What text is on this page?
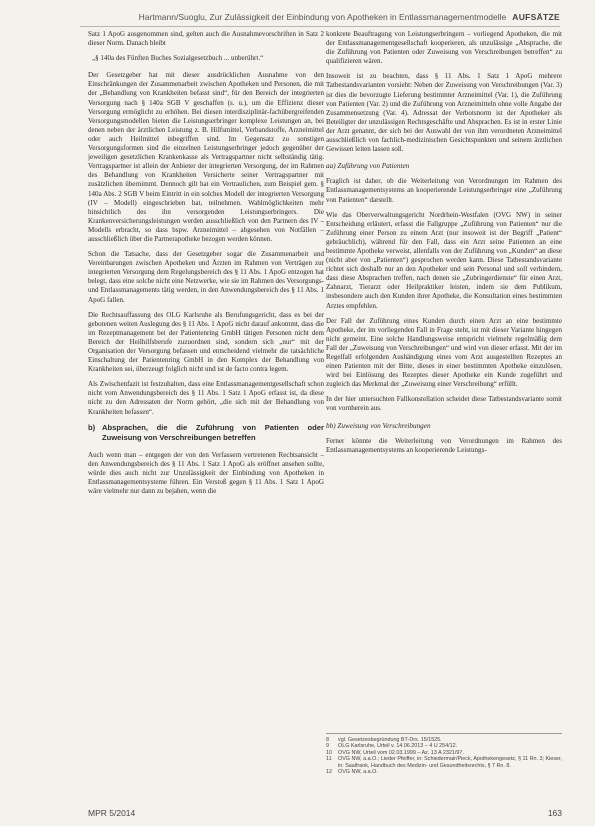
Hartmann/Suoglu, Zur Zulässigkeit der Einbindung von Apotheken in Entlassmanagementmodelle AUFSÄTZE

Satz 1 ApoG ausgenommen sind, gelten auch die Ausnahmevorschriften in Satz 2 dieser Norm. Danach bleibt

„§ 140a des Fünften Buches Sozialgesetzbuch ... unberührt.“

Der Gesetzgeber hat mit dieser ausdrücklichen Ausnahme von den Einschränkungen der Zusammenarbeit zwischen Apotheken und Personen, die mit der „Behandlung von Krankheiten befasst sind“, für den Bereich der integrierten Versorgung nach § 140a SGB V geschaffen (s. u.), um die Effizienz dieser Versorgung ermöglicht zu erhöhen. Bei diesen interdisziplinär-fachübergreifenden Versorgungsmodellen bieten die Leistungserbringer komplexe Leistungen an, bei denen neben der ärztlichen Leistung z. B. Hilfsmittel, Verbandstoffe, Arzneimittel oder auch Heilmittel inbegriffen sind. Im Gegensatz zu sonstigen Versorgungsformen sind die einzelnen Leistungserbringer jedoch gegenüber der jeweiligen gesetzlichen Krankenkasse als Vertragspartner nicht selbständig tätig. Vertragspartner ist allein der Anbieter der integrierten Versorgung, der im Rahmen des Behandlung von Krankheiten Versicherte seiner Vertragspartner mit zusätzlichen übernimmt. Dennoch gilt hat ein Vertraulichen, zum Beispiel gem. § 140a Abs. 2 SGB V beim Eintritt in ein solches Modell der integrierten Versorgung (IV – Modell) eingeschrieben hat, teilnehmen. Wahlmöglichkeiten mehr hinsichtlich des ihn versorgenden Leistungserbringers. Die Krankenversicherungsleistungen werden ausschließlich von den Partnern des IV – Modells erbracht, so dass bspw. Arzneimittel – abgesehen von Notfällen – ausschließlich über die Partnerapotheke bezogen werden können.

Schon die Tatsache, dass der Gesetzgeber sogar die Zusammenarbeit und Vereinbarungen zwischen Apotheken und Ärzten im Rahmen von Verträgen zur integrierten Versorgung dem Regelungsbereich des § 11 Abs. 1 ApoG entzogen hat belegt, dass eine solche nicht eine Netzwerke, wie sie im Rahmen des Versorgungs- und Entlassmanagements tätig werden, in den Anwendungsbereich des § 11 Abs. 1 ApoG fallen.

Die Rechtsauffassung des OLG Karlsruhe als Berufungsgericht, dass es bei der gebotenen weiten Auslegung des § 11 Abs. 1 ApoG nicht darauf ankommt, dass die im Rezeptmanagement bei der Patientenring GmbH tätigen Personen nicht dem Bereich der Heilhilfsberufe zuzuordnen sind, sondern sich „nur“ mit der Organisation der Versorgung befassen und entscheidend vielmehr die tatsächliche Einschaltung der Patientenring GmbH in den Komplex der Behandlung von Krankheiten sei, überzeugt folglich nicht und ist de facto contra legem.

Als Zwischenfazit ist festzuhalten, dass eine Entlassmanagementgesellschaft schon nicht vom Anwendungsbereich des § 11 Abs. 1 Satz 1 ApoG erfasst ist, da diese nicht zu den Adressaten der Norm gehört, „die sich mit der Behandlung von Krankheiten befassen“.

b) Absprachen, die die Zuführung von Patienten oder Zuweisung von Verschreibungen betreffen

Auch wenn man – entgegen der von den Verfassern vertretenen Rechtsansicht – den Anwendungsbereich des § 11 Abs. 1 Satz 1 ApoG als eröffnet ansehen sollte, würde dies auch nicht zur Unzulässigkeit der Einbindung von Apotheken in Entlassmanagementsysteme führen. Ein Verstoß gegen § 11 Abs. 1 Satz 1 ApoG wäre vielmehr nur dann zu bejahen, wenn die

konkrete Beauftragung von Leistungserbringern – vorliegend Apotheken, die mit der Entlassmanagementgesellschaft kooperieren, als unzulässige „Absprache, die die Zuführung von Patienten oder Zuweisung von Verschreibungen betreffen“ zu qualifizieren wären.

Insoweit ist zu beachten, dass § 11 Abs. 1 Satz 1 ApoG mehrere Tatbestandsvarianten vorsieht: Neben der Zuweisung von Verschreibungen (Var. 3) ist dies die bevorzugte Lieferung bestimmter Arzneimittel (Var. 1), die Zuführung von Patienten (Var. 2) und die Zuführung von Arzneimitteln ohne volle Angabe der Zusammensetzung (Var. 4). Adressat der Verbotsnorm ist der Apotheker als Beteiligter der unzulässigen Rechtsgeschäfte und Absprachen. Es ist in erster Linie der Arzt genannt, der sich bei der Auswahl der von ihm verordneten Arzneimittel ausschließlich von fachlich-medizinischen Gesichtspunkten und seinem ärztlichen Gewissen leiten lassen soll.

aa) Zuführung von Patienten

Fraglich ist daher, ob die Weiterleitung von Verordnungen im Rahmen des Entlassmanagementsystems an kooperierende Leistungserbringer eine „Zuführung von Patienten“ darstellt.

Wie das Oberverwaltungsgericht Nordrhein-Westfalen (OVG NW) in seiner Entscheidung erläutert, erfasst die Fallgruppe „Zuführung von Patienten“ nur die Zuführung einer Person zu einem Arzt (nur insoweit ist der Begriff „Patient“ gebräuchlich), während für den Fall, dass ein Arzt seine Patienten an eine bestimmte Apotheke verweist, allenfalls von der Zuführung von „Kunden“ an diese (nicht aber von „Patienten“) gesprochen werden kann. Diese Tatbestandsvariante richtet sich deshalb nur an den Apotheker und sein Personal und soll verhindern, dass diese Absprachen treffen, nach denen sie „Zubringerdienste“ für einen Arzt, Zahnarzt, Tierarzt oder Heilpraktiker leisten, indem sie dem Publikum, insbesondere auch den Kunden ihrer Apotheke, die Konsultation eines bestimmten Arztes empfehlen.

Der Fall der Zuführung eines Kunden durch einen Arzt an eine bestimmte Apotheke, der im vorliegenden Fall in Frage steht, ist mit dieser Variante hingegen nicht gemeint. Eine solche Handlungsweise entspricht vielmehr regelmäßig dem Fall der „Zuweisung von Verschreibungen“ und wird von dieser erfasst. Mit der im Regelfall erfolgenden Aushändigung eines vom Arzt ausgestellten Rezeptes an einen Patienten mit der Bitte, dieses in einer bestimmten Apotheke einzulösen, wird bei Einlösung des Rezeptes dieser Apotheke ein Kunde zugeführt und zugleich das Merkmal der „Zuweisung einer Verschreibung“ erfüllt.

In der hier untersuchten Fallkonstellation scheidet diese Tatbestandsvariante somit von vornherein aus.

bb) Zuweisung von Verschreibungen

Ferner könnte die Weiterleitung von Verordnungen im Rahmen des Entlassmanagementsystems an kooperierende Leistungs-

8	vgl. Gesetzesbegründung BT-Drs. 15/1525.
9	OLG Karlsruhe, Urteil v. 14.06.2013 – 4 U 254/12.
10	OVG NW, Urteil vom 02.03.1999 – Az. 13 A 2321/97.
11	OVG NW, a.a.O.; Lieder Pfeiffer, in: Schiedermair/Pieck, Apothekengesetz, § 11 Rn. 3; Kieser, in: Saalfrank, Handbuch des Medizin- und Gesundheitsrechts, § 7 Rn. 8.
12	OVG NW, a.a.O.
MPR 5/2014	163
